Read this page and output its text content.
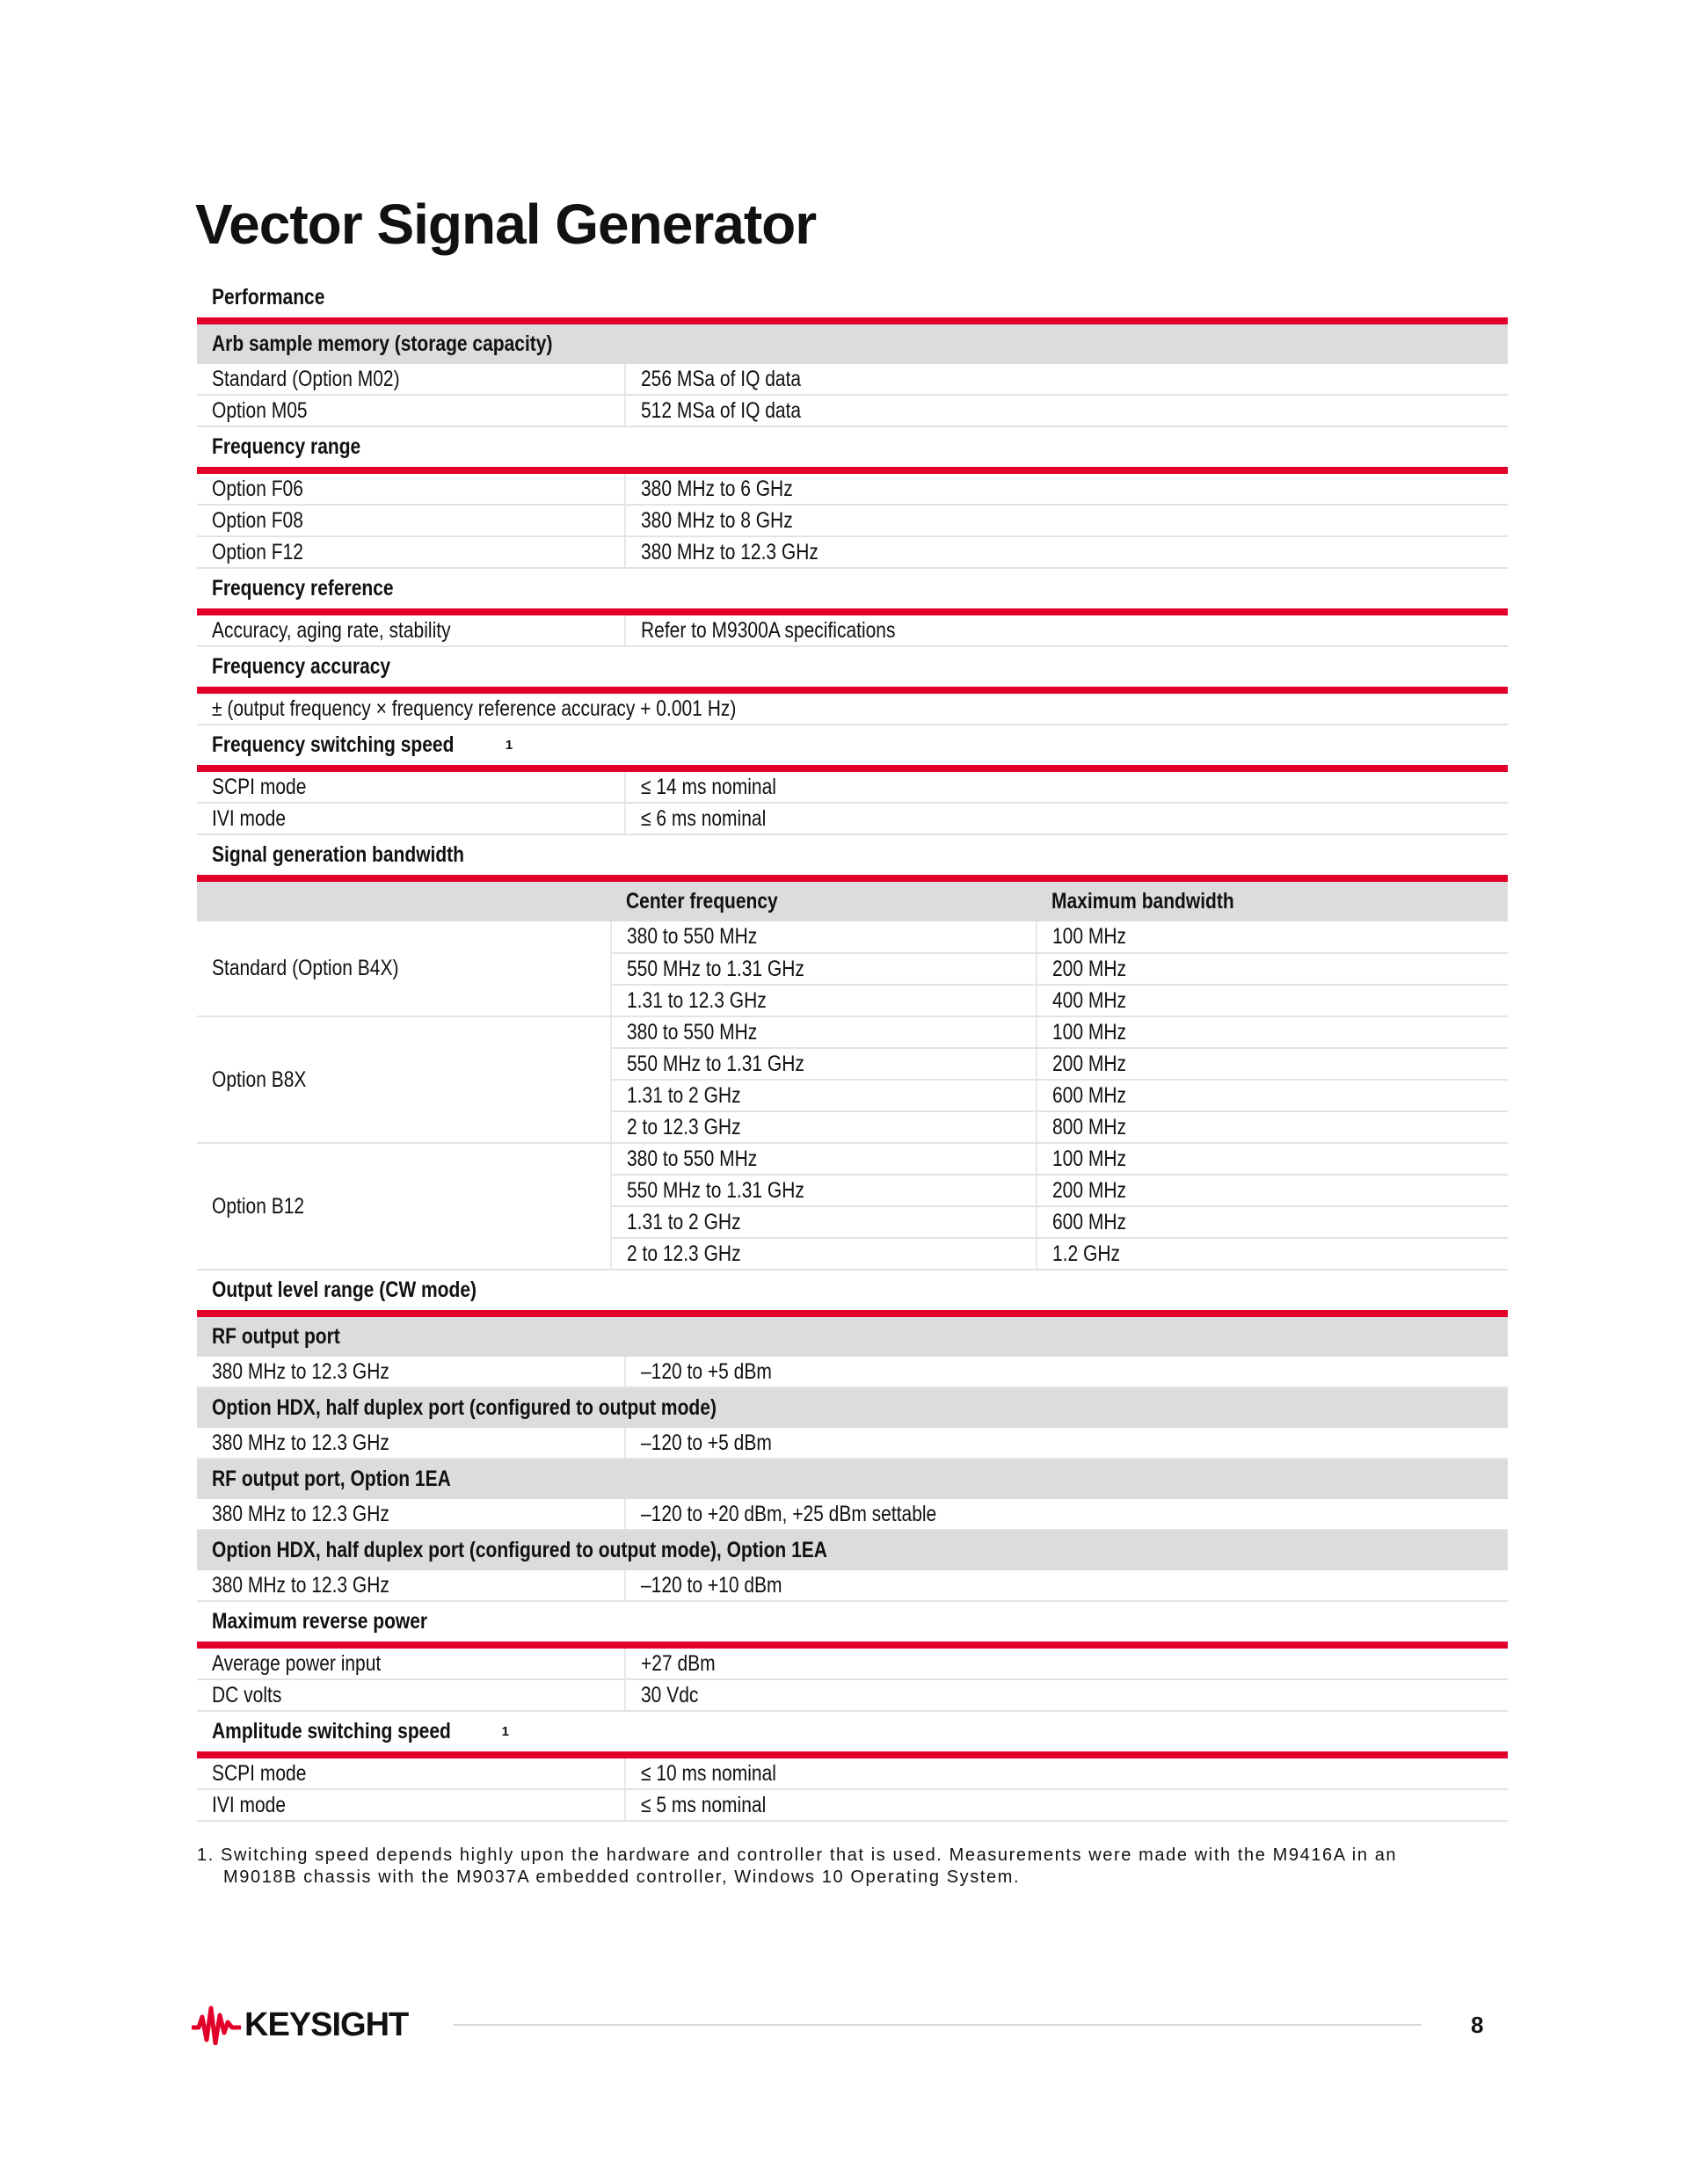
Vector Signal Generator
Performance
Arb sample memory (storage capacity)
Standard (Option M02)	256 MSa of IQ data
Option M05	512 MSa of IQ data
Frequency range
Option F06	380 MHz to 6 GHz
Option F08	380 MHz to 8 GHz
Option F12	380 MHz to 12.3 GHz
Frequency reference
Accuracy, aging rate, stability	Refer to M9300A specifications
Frequency accuracy
± (output frequency × frequency reference accuracy + 0.001 Hz)
Frequency switching speed	1
SCPI mode	≤ 14 ms nominal
IVI mode	≤ 6 ms nominal
Signal generation bandwidth
	Center frequency	Maximum bandwidth
Standard (Option B4X)	380 to 550 MHz	100 MHz
	550 MHz to 1.31 GHz	200 MHz
	1.31 to 12.3 GHz	400 MHz
Option B8X	380 to 550 MHz	100 MHz
	550 MHz to 1.31 GHz	200 MHz
	1.31 to 2 GHz	600 MHz
	2 to 12.3 GHz	800 MHz
Option B12	380 to 550 MHz	100 MHz
	550 MHz to 1.31 GHz	200 MHz
	1.31 to 2 GHz	600 MHz
	2 to 12.3 GHz	1.2 GHz
Output level range (CW mode)
RF output port
380 MHz to 12.3 GHz	–120 to +5 dBm
Option HDX, half duplex port (configured to output mode)
380 MHz to 12.3 GHz	–120 to +5 dBm
RF output port, Option 1EA
380 MHz to 12.3 GHz	–120 to +20 dBm, +25 dBm settable
Option HDX, half duplex port (configured to output mode), Option 1EA
380 MHz to 12.3 GHz	–120 to +10 dBm
Maximum reverse power
Average power input	+27 dBm
DC volts	30 Vdc
Amplitude switching speed	1
SCPI mode	≤ 10 ms nominal
IVI mode	≤ 5 ms nominal
1. Switching speed depends highly upon the hardware and controller that is used. Measurements were made with the M9416A in an
M9018B chassis with the M9037A embedded controller, Windows 10 Operating System.
KEYSIGHT	8
